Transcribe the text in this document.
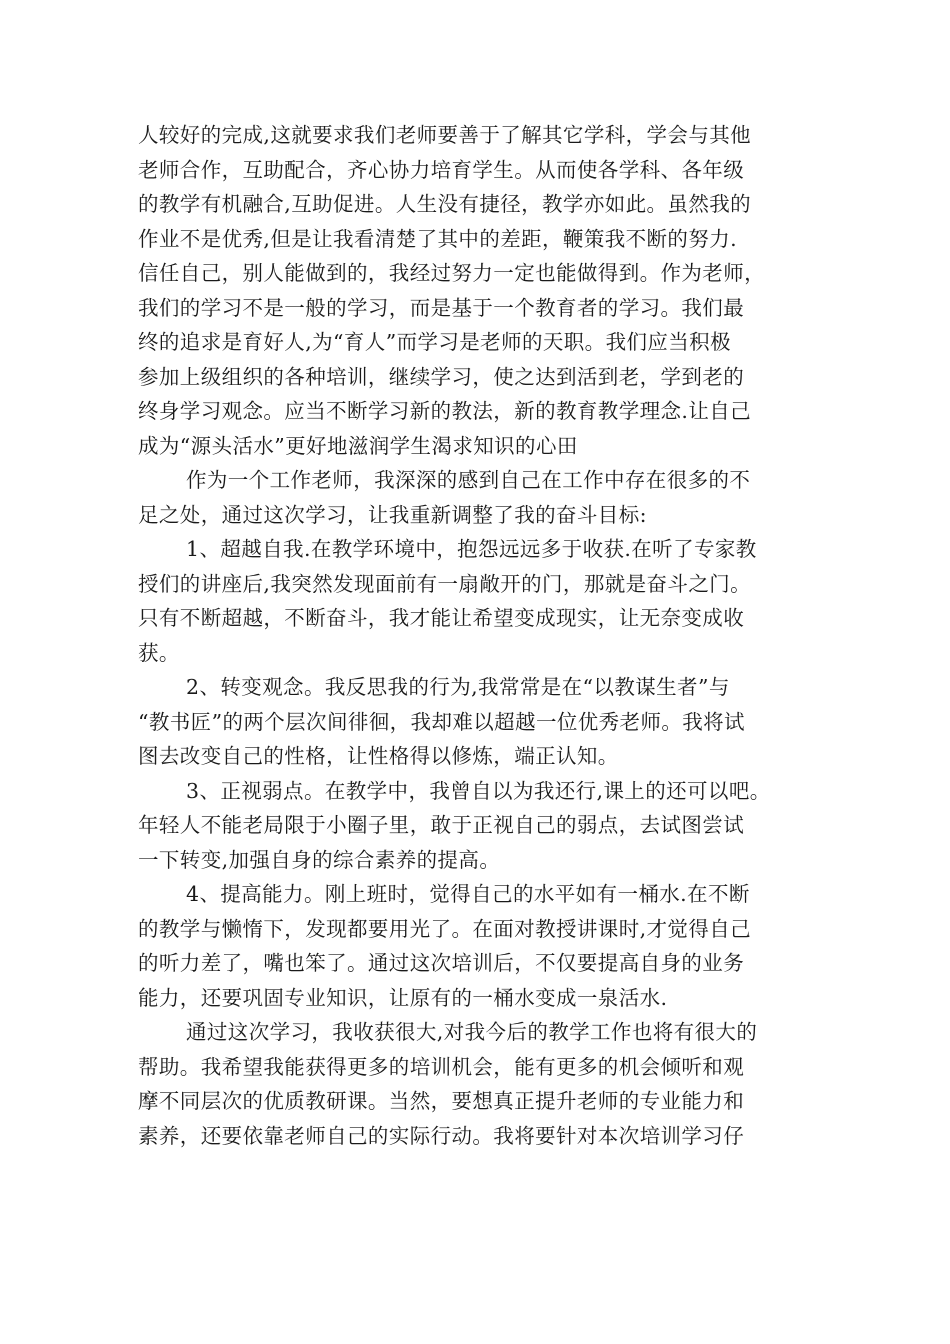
人较好的完成,这就要求我们老师要善于了解其它学科，学会与其他
老师合作，互助配合，齐心协力培育学生。从而使各学科、各年级
的教学有机融合,互助促进。人生没有捷径，教学亦如此。虽然我的
作业不是优秀,但是让我看清楚了其中的差距，鞭策我不断的努力.
信任自己，别人能做到的，我经过努力一定也能做得到。作为老师，
我们的学习不是一般的学习，而是基于一个教育者的学习。我们最
终的追求是育好人,为“育人”而学习是老师的天职。我们应当积极
参加上级组织的各种培训，继续学习，使之达到活到老，学到老的
终身学习观念。应当不断学习新的教法，新的教育教学理念.让自己
成为“源头活水”更好地滋润学生渴求知识的心田
作为一个工作老师，我深深的感到自己在工作中存在很多的不
足之处，通过这次学习，让我重新调整了我的奋斗目标:
1、超越自我.在教学环境中，抱怨远远多于收获.在听了专家教
授们的讲座后,我突然发现面前有一扇敞开的门，那就是奋斗之门。
只有不断超越，不断奋斗，我才能让希望变成现实，让无奈变成收
获。
2、转变观念。我反思我的行为,我常常是在“以教谋生者”与
“教书匠”的两个层次间徘徊，我却难以超越一位优秀老师。我将试
图去改变自己的性格，让性格得以修炼，端正认知。
3、正视弱点。在教学中，我曾自以为我还行,课上的还可以吧。
年轻人不能老局限于小圈子里，敢于正视自己的弱点，去试图尝试
一下转变,加强自身的综合素养的提高。
4、提高能力。刚上班时，觉得自己的水平如有一桶水.在不断
的教学与懒惰下，发现都要用光了。在面对教授讲课时,才觉得自己
的听力差了，嘴也笨了。通过这次培训后，不仅要提高自身的业务
能力，还要巩固专业知识，让原有的一桶水变成一泉活水.
通过这次学习，我收获很大,对我今后的教学工作也将有很大的
帮助。我希望我能获得更多的培训机会，能有更多的机会倾听和观
摩不同层次的优质教研课。当然，要想真正提升老师的专业能力和
素养，还要依靠老师自己的实际行动。我将要针对本次培训学习仔
